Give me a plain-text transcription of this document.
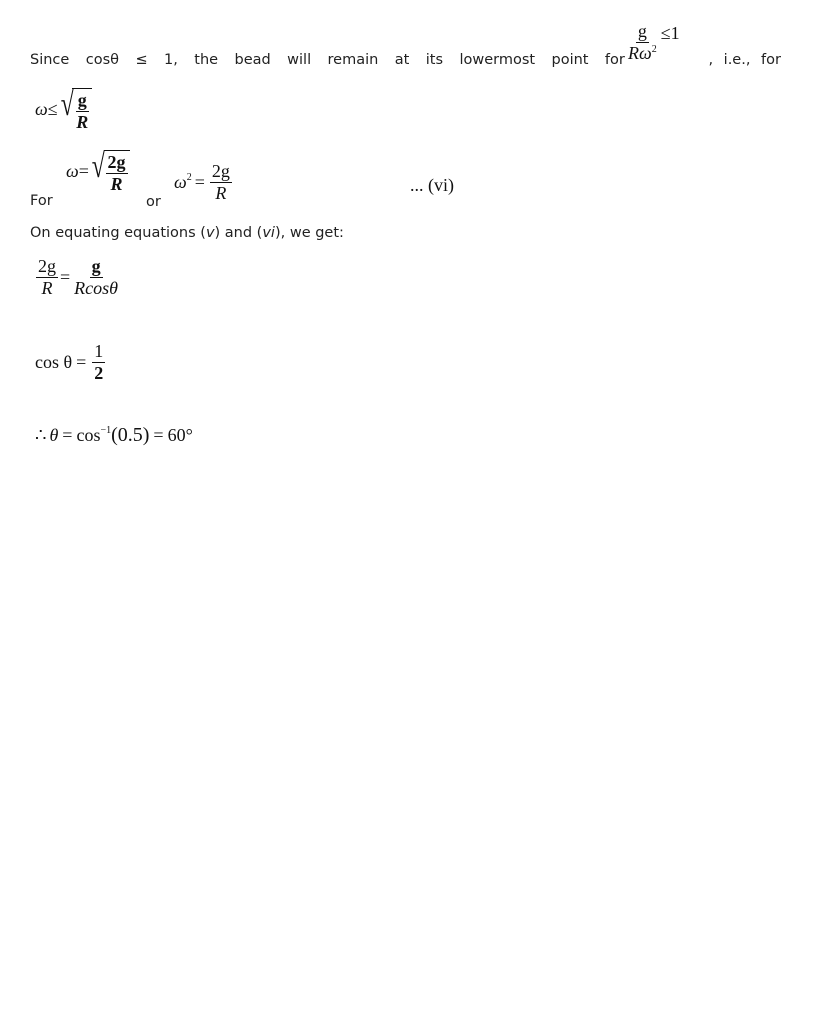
Since cosθ ≤ 1, the bead will remain at its lowermost point for $\frac{g}{R\omega^2} \le 1$
, i.e., for
ω ≤ √ $\frac{g}{R}$
For
ω = √ $\frac{2g}{R}$
or
$\omega^2 = \frac{2g}{R}$	... (vi)
On equating equations (v) and (vi), we get:
$\frac{2g}{R} = \frac{g}{Rcos\theta}$
$\cos \theta = \frac{1}{2}$
∴ $\theta = \cos^{-1} (0.5) = 60^\circ$
